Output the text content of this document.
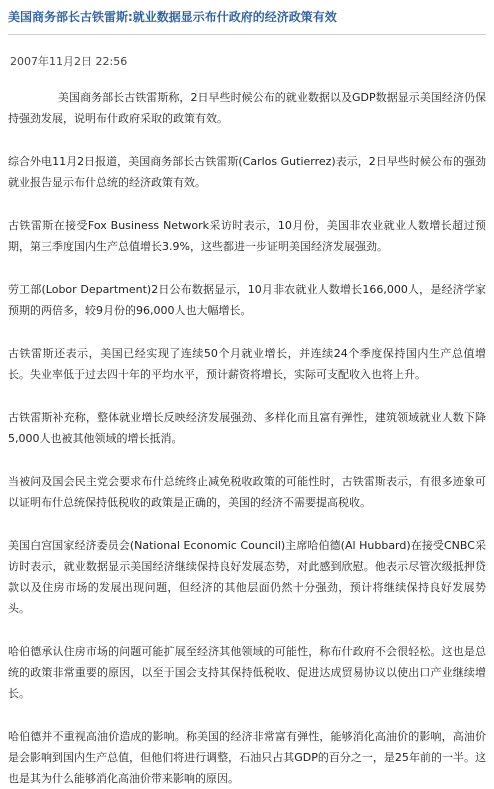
美国商务部长古铁雷斯:就业数据显示布什政府的经济政策有效
2007年11月2日 22:56

美国商务部长古铁雷斯称，2日早些时候公布的就业数据以及GDP数据显示美国经济仍保持强劲发展，说明布什政府采取的政策有效。

综合外电11月2日报道，美国商务部长古铁雷斯(Carlos Gutierrez)表示，2日早些时候公布的强劲就业报告显示布什总统的经济政策有效。

古铁雷斯在接受Fox Business Network采访时表示，10月份，美国非农业就业人数增长超过预期，第三季度国内生产总值增长3.9%，这些都进一步证明美国经济发展强劲。

劳工部(Lobor Department)2日公布数据显示，10月非农就业人数增长166,000人，是经济学家预期的两倍多，较9月份的96,000人也大幅增长。

古铁雷斯还表示，美国已经实现了连续50个月就业增长，并连续24个季度保持国内生产总值增长。失业率低于过去四十年的平均水平，预计薪资将增长，实际可支配收入也将上升。

古铁雷斯补充称，整体就业增长反映经济发展强劲、多样化而且富有弹性，建筑领域就业人数下降5,000人也被其他领域的增长抵消。

当被问及国会民主党会要求布什总统终止减免税收政策的可能性时，古铁雷斯表示，有很多迹象可以证明布什总统保持低税收的政策是正确的，美国的经济不需要提高税收。

美国白宫国家经济委员会(National Economic Council)主席哈伯德(Al Hubbard)在接受CNBC采访时表示，就业数据显示美国经济继续保持良好发展态势，对此感到欣慰。他表示尽管次级抵押贷款以及住房市场的发展出现问题，但经济的其他层面仍然十分强劲，预计将继续保持良好发展势头。

哈伯德承认住房市场的问题可能扩展至经济其他领域的可能性，称布什政府不会很轻松。这也是总统的政策非常重要的原因，以至于国会支持其保持低税收、促进达成贸易协议以使出口产业继续增长。

哈伯德并不重视高油价造成的影响。称美国的经济非常富有弹性，能够消化高油价的影响，高油价是会影响到国内生产总值，但他们将进行调整，石油只占其GDP的百分之一，是25年前的一半。这也是其为什么能够消化高油价带来影响的原因。
